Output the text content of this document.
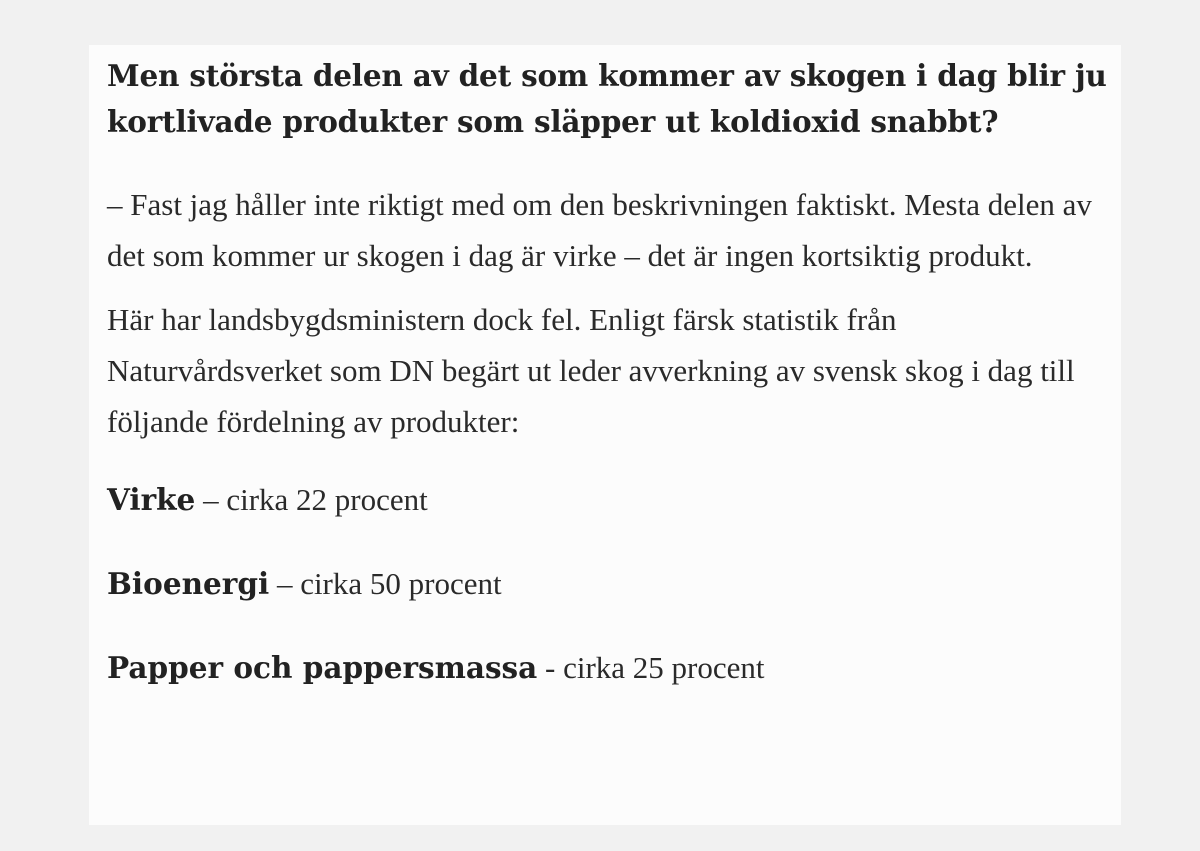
Men största delen av det som kommer av skogen i dag blir ju kortlivade produkter som släpper ut koldioxid snabbt?

– Fast jag håller inte riktigt med om den beskrivningen faktiskt. Mesta delen av det som kommer ur skogen i dag är virke – det är ingen kortsiktig produkt.

Här har landsbygdsministern dock fel. Enligt färsk statistik från Naturvårdsverket som DN begärt ut leder avverkning av svensk skog i dag till följande fördelning av produkter:

Virke – cirka 22 procent

Bioenergi – cirka 50 procent

Papper och pappersmassa - cirka 25 procent
